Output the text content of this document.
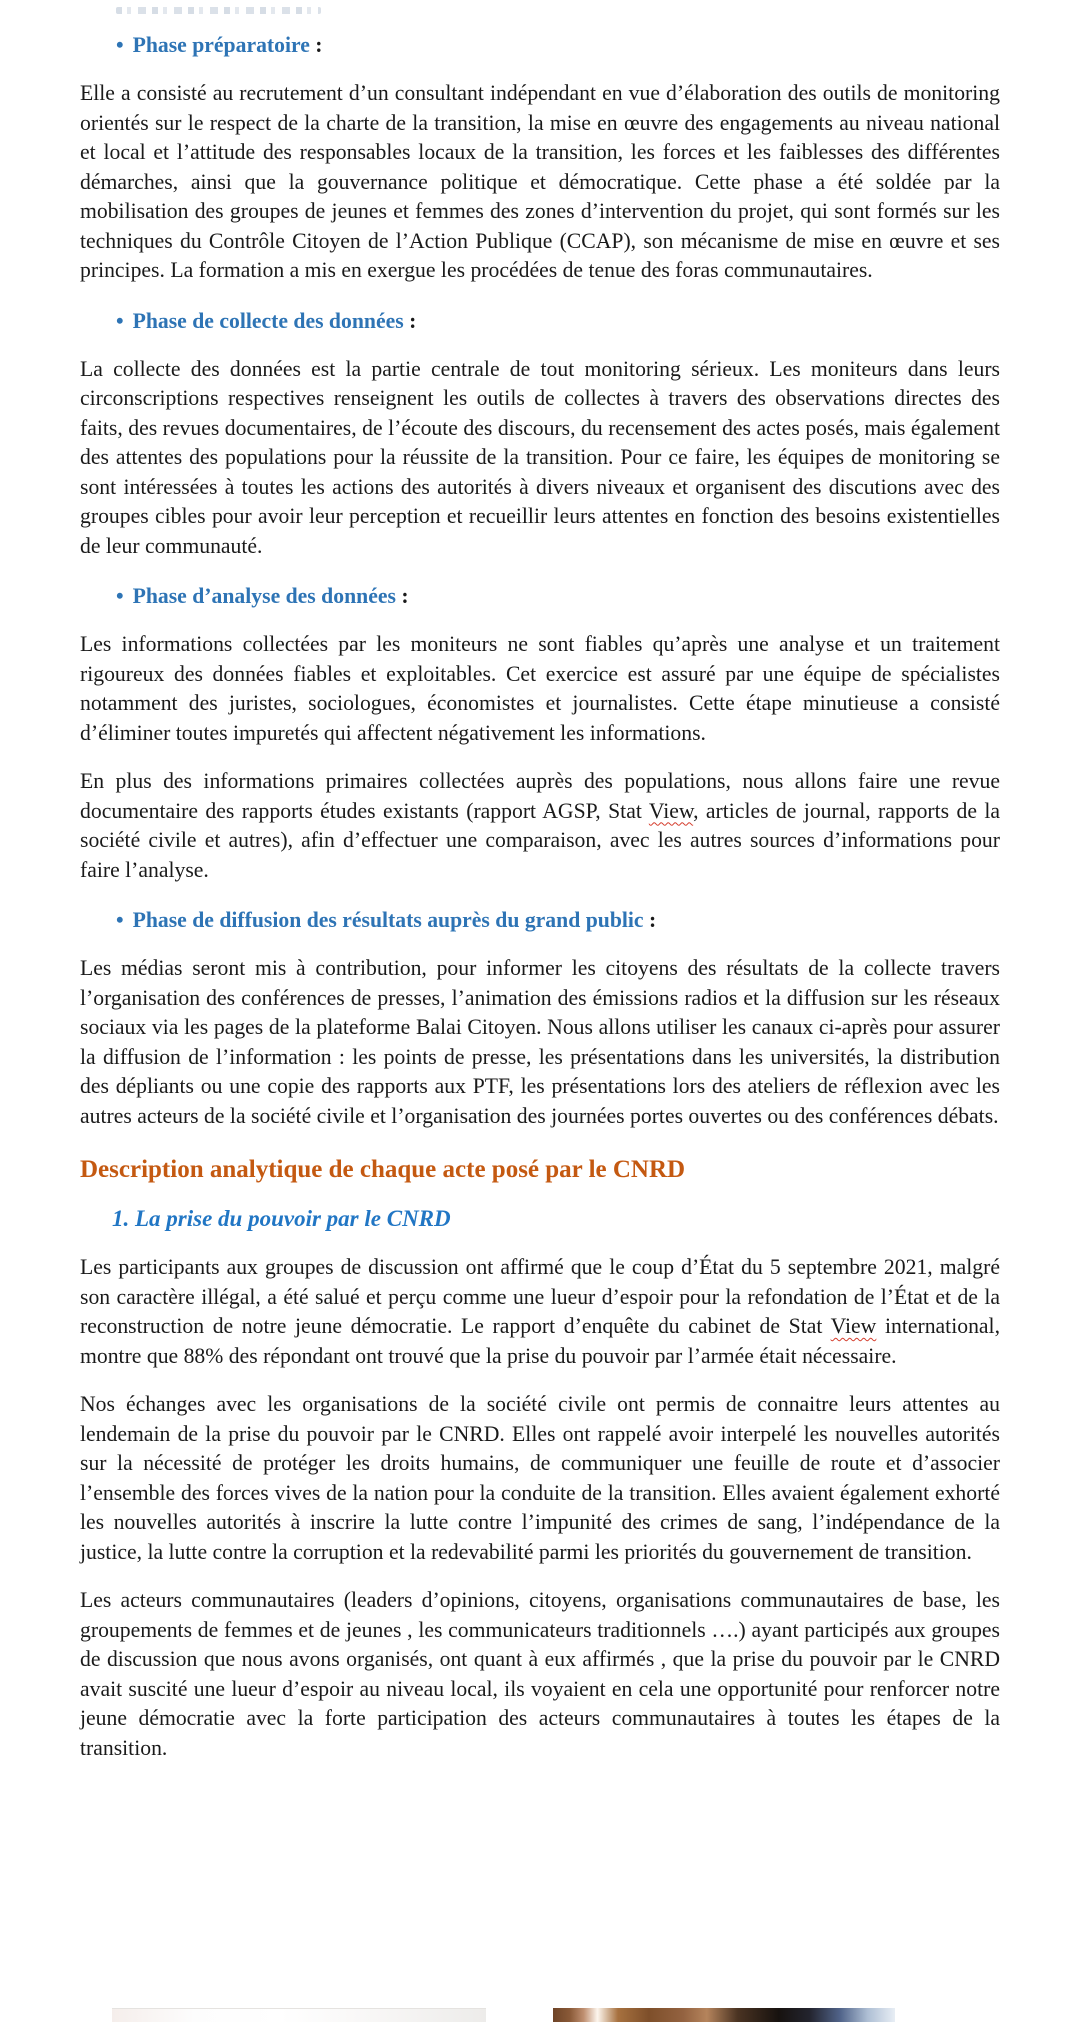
• Phase préparatoire :

Elle a consisté au recrutement d’un consultant indépendant en vue d’élaboration des outils de monitoring orientés sur le respect de la charte de la transition, la mise en œuvre des engagements au niveau national et local et l’attitude des responsables locaux de la transition, les forces et les faiblesses des différentes démarches, ainsi que la gouvernance politique et démocratique. Cette phase a été soldée par la mobilisation des groupes de jeunes et femmes des zones d’intervention du projet, qui sont formés sur les techniques du Contrôle Citoyen de l’Action Publique (CCAP), son mécanisme de mise en œuvre et ses principes. La formation a mis en exergue les procédées de tenue des foras communautaires.

• Phase de collecte des données :

La collecte des données est la partie centrale de tout monitoring sérieux. Les moniteurs dans leurs circonscriptions respectives renseignent les outils de collectes à travers des observations directes des faits, des revues documentaires, de l’écoute des discours, du recensement des actes posés, mais également des attentes des populations pour la réussite de la transition. Pour ce faire, les équipes de monitoring se sont intéressées à toutes les actions des autorités à divers niveaux et organisent des discutions avec des groupes cibles pour avoir leur perception et recueillir leurs attentes en fonction des besoins existentielles de leur communauté.

• Phase d’analyse des données :

Les informations collectées par les moniteurs ne sont fiables qu’après une analyse et un traitement rigoureux des données fiables et exploitables. Cet exercice est assuré par une équipe de spécialistes notamment des juristes, sociologues, économistes et journalistes. Cette étape minutieuse a consisté d’éliminer toutes impuretés qui affectent négativement les informations.

En plus des informations primaires collectées auprès des populations, nous allons faire une revue documentaire des rapports études existants (rapport AGSP, Stat View, articles de journal, rapports de la société civile et autres), afin d’effectuer une comparaison, avec les autres sources d’informations pour faire l’analyse.

• Phase de diffusion des résultats auprès du grand public :

Les médias seront mis à contribution, pour informer les citoyens des résultats de la collecte travers l’organisation des conférences de presses, l’animation des émissions radios et la diffusion sur les réseaux sociaux via les pages de la plateforme Balai Citoyen. Nous allons utiliser les canaux ci-après pour assurer la diffusion de l’information : les points de presse, les présentations dans les universités, la distribution des dépliants ou une copie des rapports aux PTF, les présentations lors des ateliers de réflexion avec les autres acteurs de la société civile et l’organisation des journées portes ouvertes ou des conférences débats.

Description analytique de chaque acte posé par le CNRD
1. La prise du pouvoir par le CNRD

Les participants aux groupes de discussion ont affirmé que le coup d’État du 5 septembre 2021, malgré son caractère illégal, a été salué et perçu comme une lueur d’espoir pour la refondation de l’État et de la reconstruction de notre jeune démocratie. Le rapport d’enquête du cabinet de Stat View international, montre que 88% des répondant ont trouvé que la prise du pouvoir par l’armée était nécessaire.

Nos échanges avec les organisations de la société civile ont permis de connaitre leurs attentes au lendemain de la prise du pouvoir par le CNRD. Elles ont rappelé avoir interpelé les nouvelles autorités sur la nécessité de protéger les droits humains, de communiquer une feuille de route et d’associer l’ensemble des forces vives de la nation pour la conduite de la transition. Elles avaient également exhorté les nouvelles autorités à inscrire la lutte contre l’impunité des crimes de sang, l’indépendance de la justice, la lutte contre la corruption et la redevabilité parmi les priorités du gouvernement de transition.

Les acteurs communautaires (leaders d’opinions, citoyens, organisations communautaires de base, les groupements de femmes et de jeunes , les communicateurs traditionnels ….) ayant participés aux groupes de discussion que nous avons organisés, ont quant à eux affirmés , que la prise du pouvoir par le CNRD avait suscité une lueur d’espoir au niveau local, ils voyaient en cela une opportunité pour renforcer notre jeune démocratie avec la forte participation des acteurs communautaires à toutes les étapes de la transition.
